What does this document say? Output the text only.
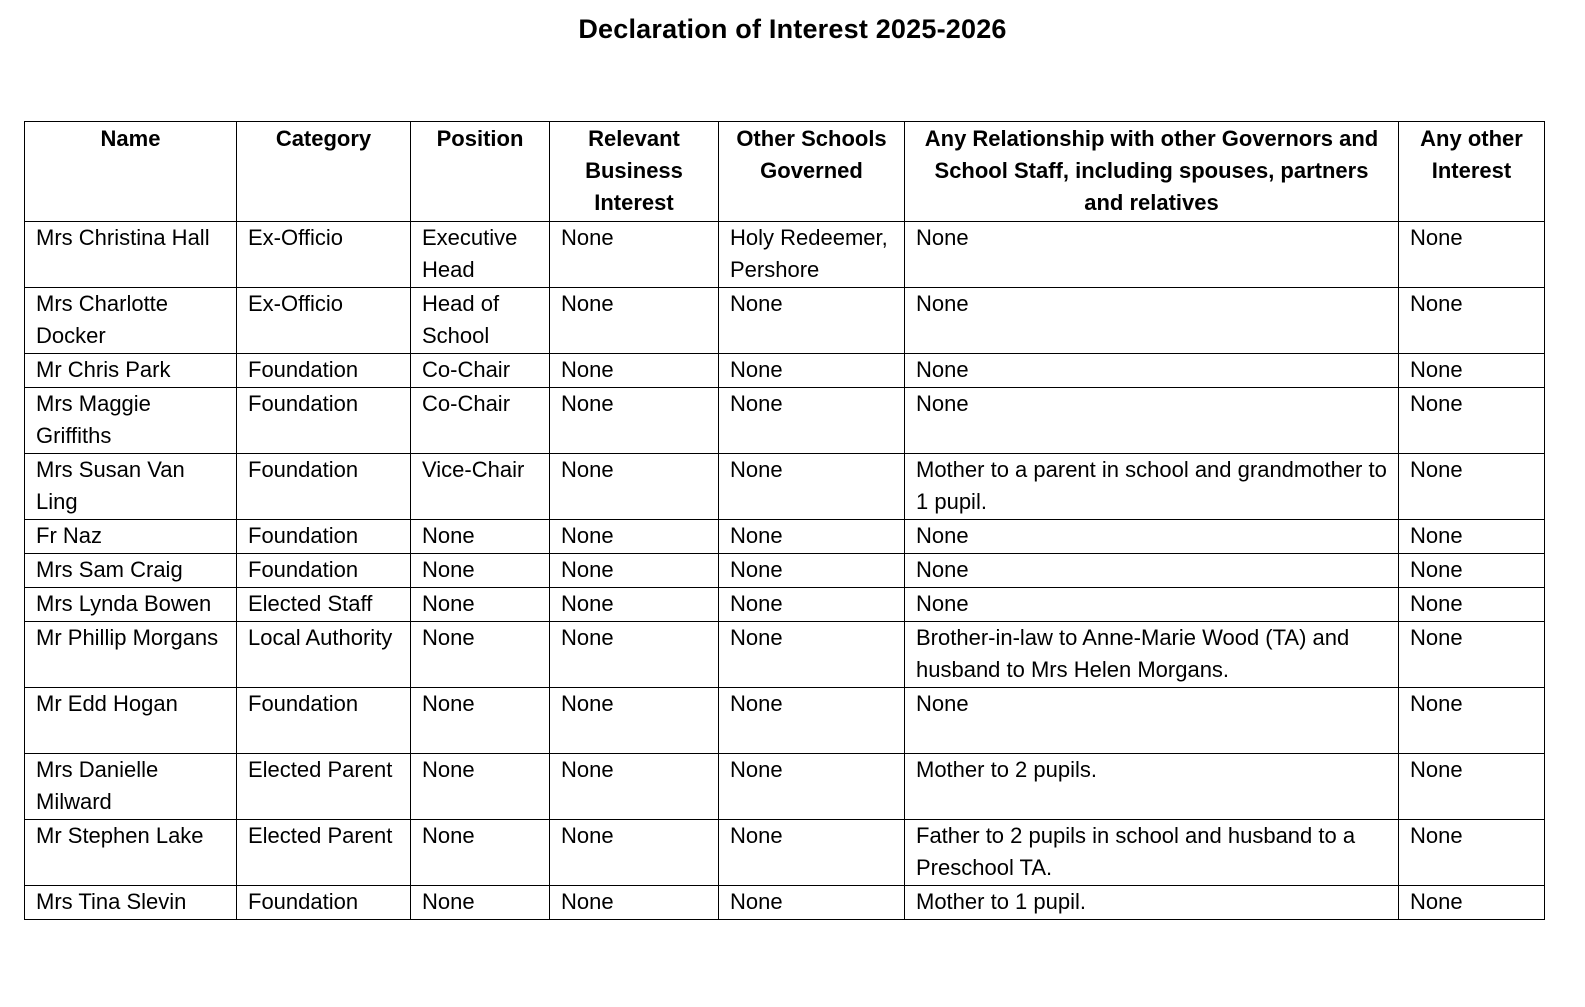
Declaration of Interest 2025-2026
Name	Category	Position	Relevant Business Interest	Other Schools Governed	Any Relationship with other Governors and School Staff, including spouses, partners and relatives	Any other Interest
Mrs Christina Hall	Ex-Officio	Executive Head	None	Holy Redeemer, Pershore	None	None
Mrs Charlotte Docker	Ex-Officio	Head of School	None	None	None	None
Mr Chris Park	Foundation	Co-Chair	None	None	None	None
Mrs Maggie Griffiths	Foundation	Co-Chair	None	None	None	None
Mrs Susan Van Ling	Foundation	Vice-Chair	None	None	Mother to a parent in school and grandmother to 1 pupil.	None
Fr Naz	Foundation	None	None	None	None	None
Mrs Sam Craig	Foundation	None	None	None	None	None
Mrs Lynda Bowen	Elected Staff	None	None	None	None	None
Mr Phillip Morgans	Local Authority	None	None	None	Brother-in-law to Anne-Marie Wood (TA) and husband to Mrs Helen Morgans.	None
Mr Edd Hogan	Foundation	None	None	None	None	None
Mrs Danielle Milward	Elected Parent	None	None	None	Mother to 2 pupils.	None
Mr Stephen Lake	Elected Parent	None	None	None	Father to 2 pupils in school and husband to a Preschool TA.	None
Mrs Tina Slevin	Foundation	None	None	None	Mother to 1 pupil.	None
